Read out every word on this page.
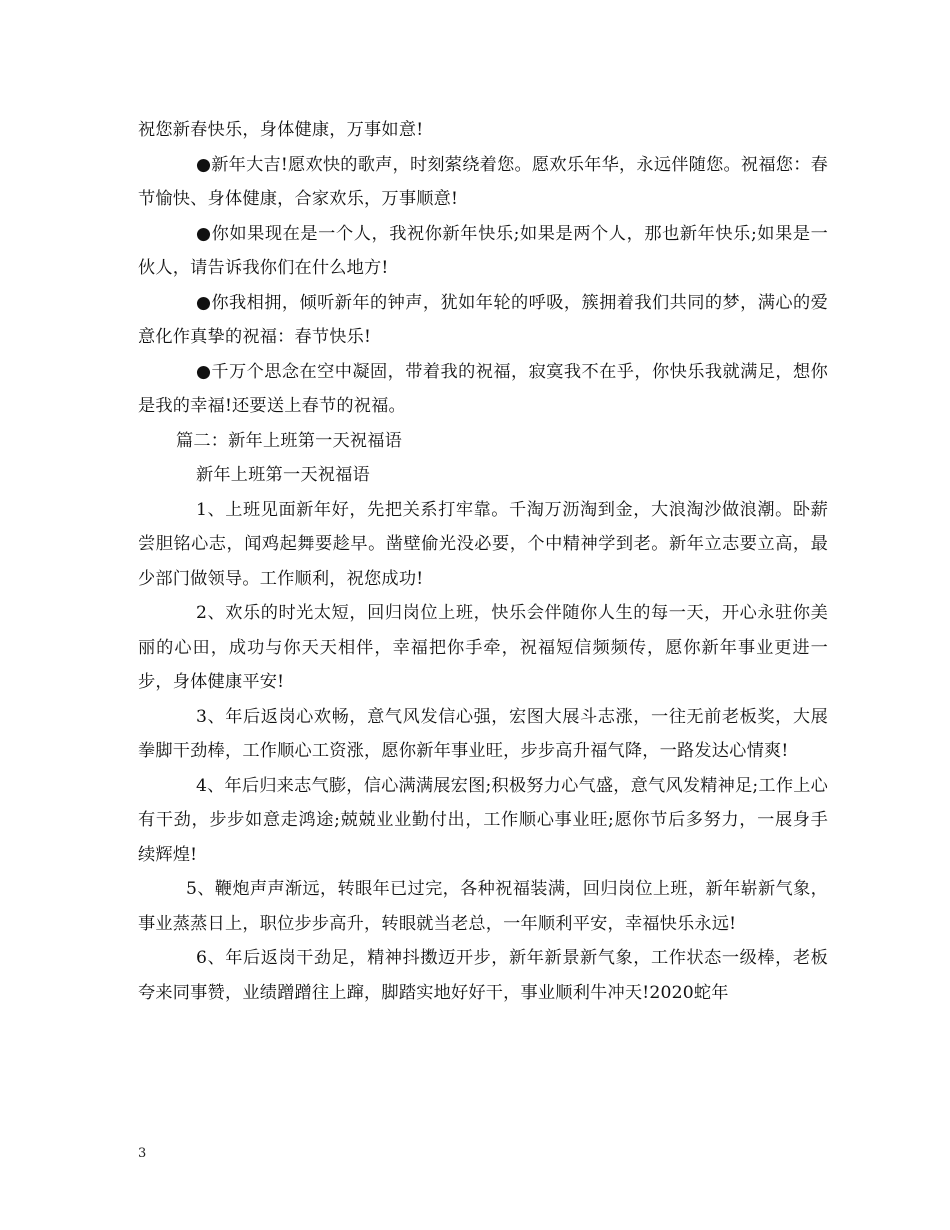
祝您新春快乐，身体健康，万事如意!

●新年大吉!愿欢快的歌声，时刻萦绕着您。愿欢乐年华，永远伴随您。祝福您：春节愉快、身体健康，合家欢乐，万事顺意!

●你如果现在是一个人，我祝你新年快乐;如果是两个人，那也新年快乐;如果是一伙人，请告诉我你们在什么地方!

●你我相拥，倾听新年的钟声，犹如年轮的呼吸，簇拥着我们共同的梦，满心的爱意化作真挚的祝福：春节快乐!

●千万个思念在空中凝固，带着我的祝福，寂寞我不在乎，你快乐我就满足，想你是我的幸福!还要送上春节的祝福。

篇二：新年上班第一天祝福语

新年上班第一天祝福语

1、上班见面新年好，先把关系打牢靠。千淘万沥淘到金，大浪淘沙做浪潮。卧薪尝胆铭心志，闻鸡起舞要趁早。凿壁偷光没必要，个中精神学到老。新年立志要立高，最少部门做领导。工作顺利，祝您成功!

2、欢乐的时光太短，回归岗位上班，快乐会伴随你人生的每一天，开心永驻你美丽的心田，成功与你天天相伴，幸福把你手牵，祝福短信频频传，愿你新年事业更进一步，身体健康平安!

3、年后返岗心欢畅，意气风发信心强，宏图大展斗志涨，一往无前老板奖，大展拳脚干劲棒，工作顺心工资涨，愿你新年事业旺，步步高升福气降，一路发达心情爽!

4、年后归来志气膨，信心满满展宏图;积极努力心气盛，意气风发精神足;工作上心有干劲，步步如意走鸿途;兢兢业业勤付出，工作顺心事业旺;愿你节后多努力，一展身手续辉煌!

5、鞭炮声声渐远，转眼年已过完，各种祝福装满，回归岗位上班，新年崭新气象，事业蒸蒸日上，职位步步高升，转眼就当老总，一年顺利平安，幸福快乐永远!

6、年后返岗干劲足，精神抖擞迈开步，新年新景新气象，工作状态一级棒，老板夸来同事赞，业绩蹭蹭往上蹿，脚踏实地好好干，事业顺利牛冲天!2020蛇年

3
